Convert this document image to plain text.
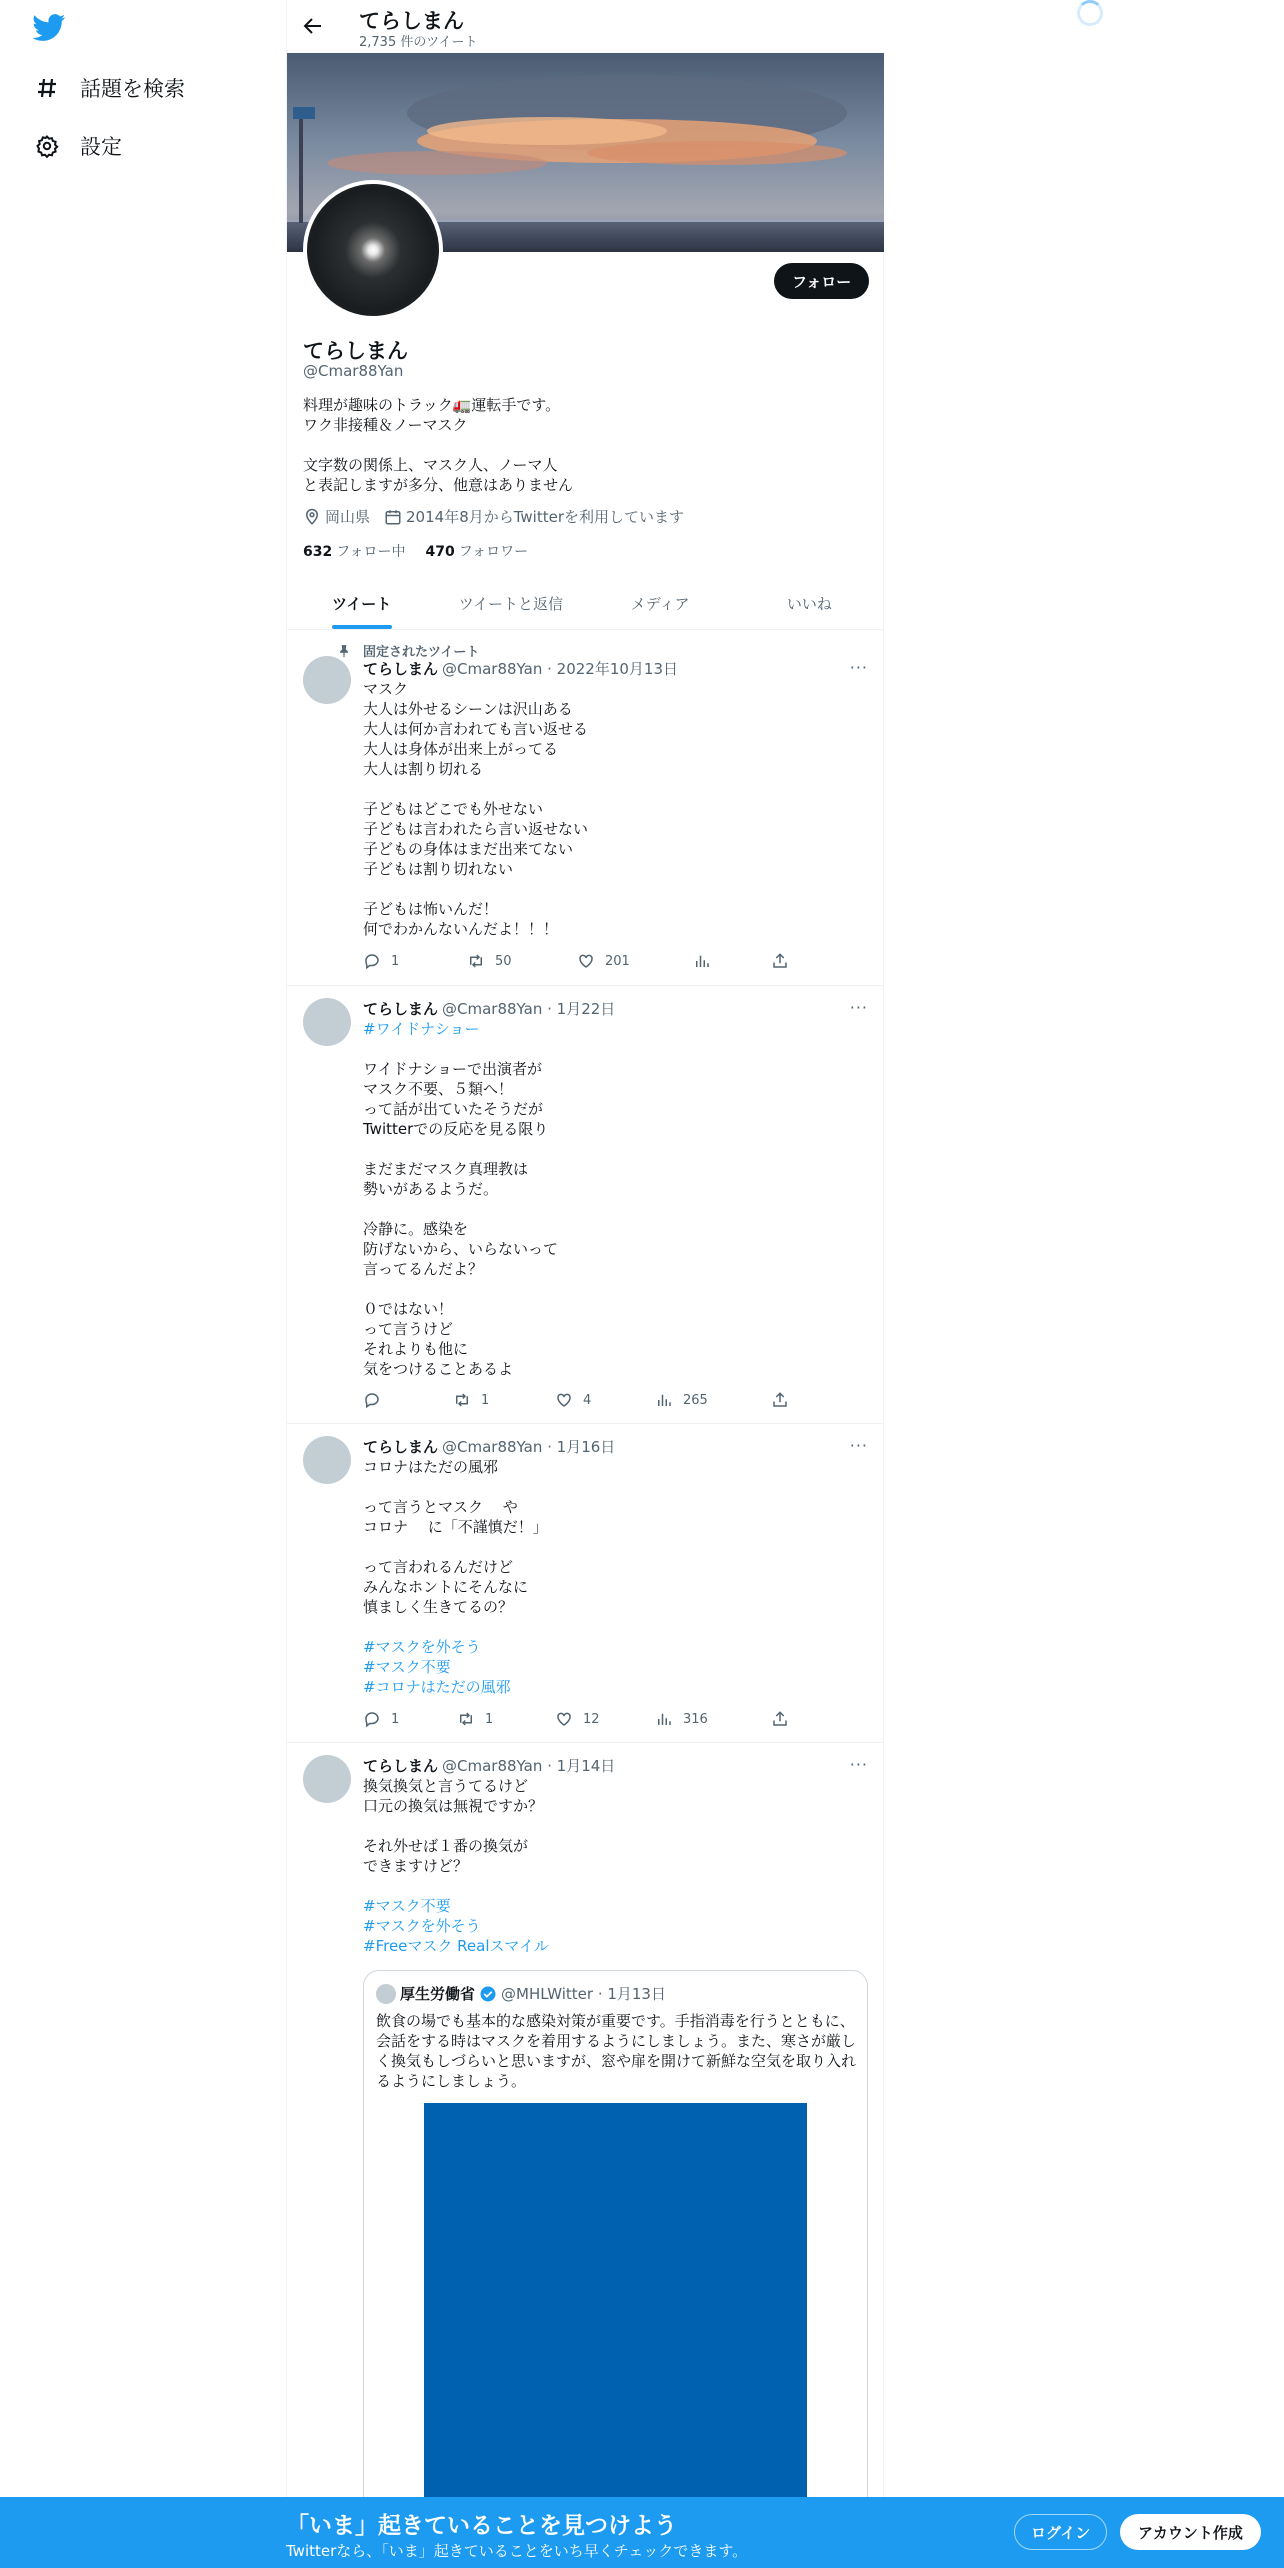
話題を検索
設定
てらしまん
2,735 件のツイート
フォロー
てらしまん
@Cmar88Yan
料理が趣味のトラック🚛運転手です。
ワク非接種＆ノーマスク

文字数の関係上、マスク人、ノーマ人
と表記しますが多分、他意はありません
岡山県 2014年8月からTwitterを利用しています
632 フォロー中 470 フォロワー
ツイート	ツイートと返信	メディア	いいね
固定されたツイート
てらしまん @Cmar88Yan · 2022年10月13日	···
マスク
大人は外せるシーンは沢山ある
大人は何か言われても言い返せる
大人は身体が出来上がってる
大人は割り切れる

子どもはどこでも外せない
子どもは言われたら言い返せない
子どもの身体はまだ出来てない
子どもは割り切れない

子どもは怖いんだ！
何でわかんないんだよ！！！
1	50	201
てらしまん @Cmar88Yan · 1月22日	···
#ワイドナショー
ワイドナショーで出演者が
マスク不要、５類へ！
って話が出ていたそうだが
Twitterでの反応を見る限り

まだまだマスク真理教は
勢いがあるようだ。

冷静に。感染を
防げないから、いらないって
言ってるんだよ？

０ではない！
って言うけど
それよりも他に
気をつけることあるよ
1	4	265
てらしまん @Cmar88Yan · 1月16日	···
コロナはただの風邪

って言うとマスク　 や
コロナ　 に「不謹慎だ！」

って言われるんだけど
みんなホントにそんなに
慎ましく生きてるの？
#マスクを外そう
#マスク不要
#コロナはただの風邪
1	1	12	316
てらしまん @Cmar88Yan · 1月14日	···
換気換気と言うてるけど
口元の換気は無視ですか？

それ外せば１番の換気が
できますけど？
#マスク不要
#マスクを外そう
#Freeマスク Realスマイル
厚生労働省 @MHLWitter · 1月13日
飲食の場でも基本的な感染対策が重要です。手指消毒を行うとともに、会話をする時はマスクを着用するようにしましょう。また、寒さが厳しく換気もしづらいと思いますが、窓や扉を開けて新鮮な空気を取り入れるようにしましょう。
「いま」起きていることを見つけよう
Twitterなら、「いま」起きていることをいち早くチェックできます。
ログイン	アカウント作成
